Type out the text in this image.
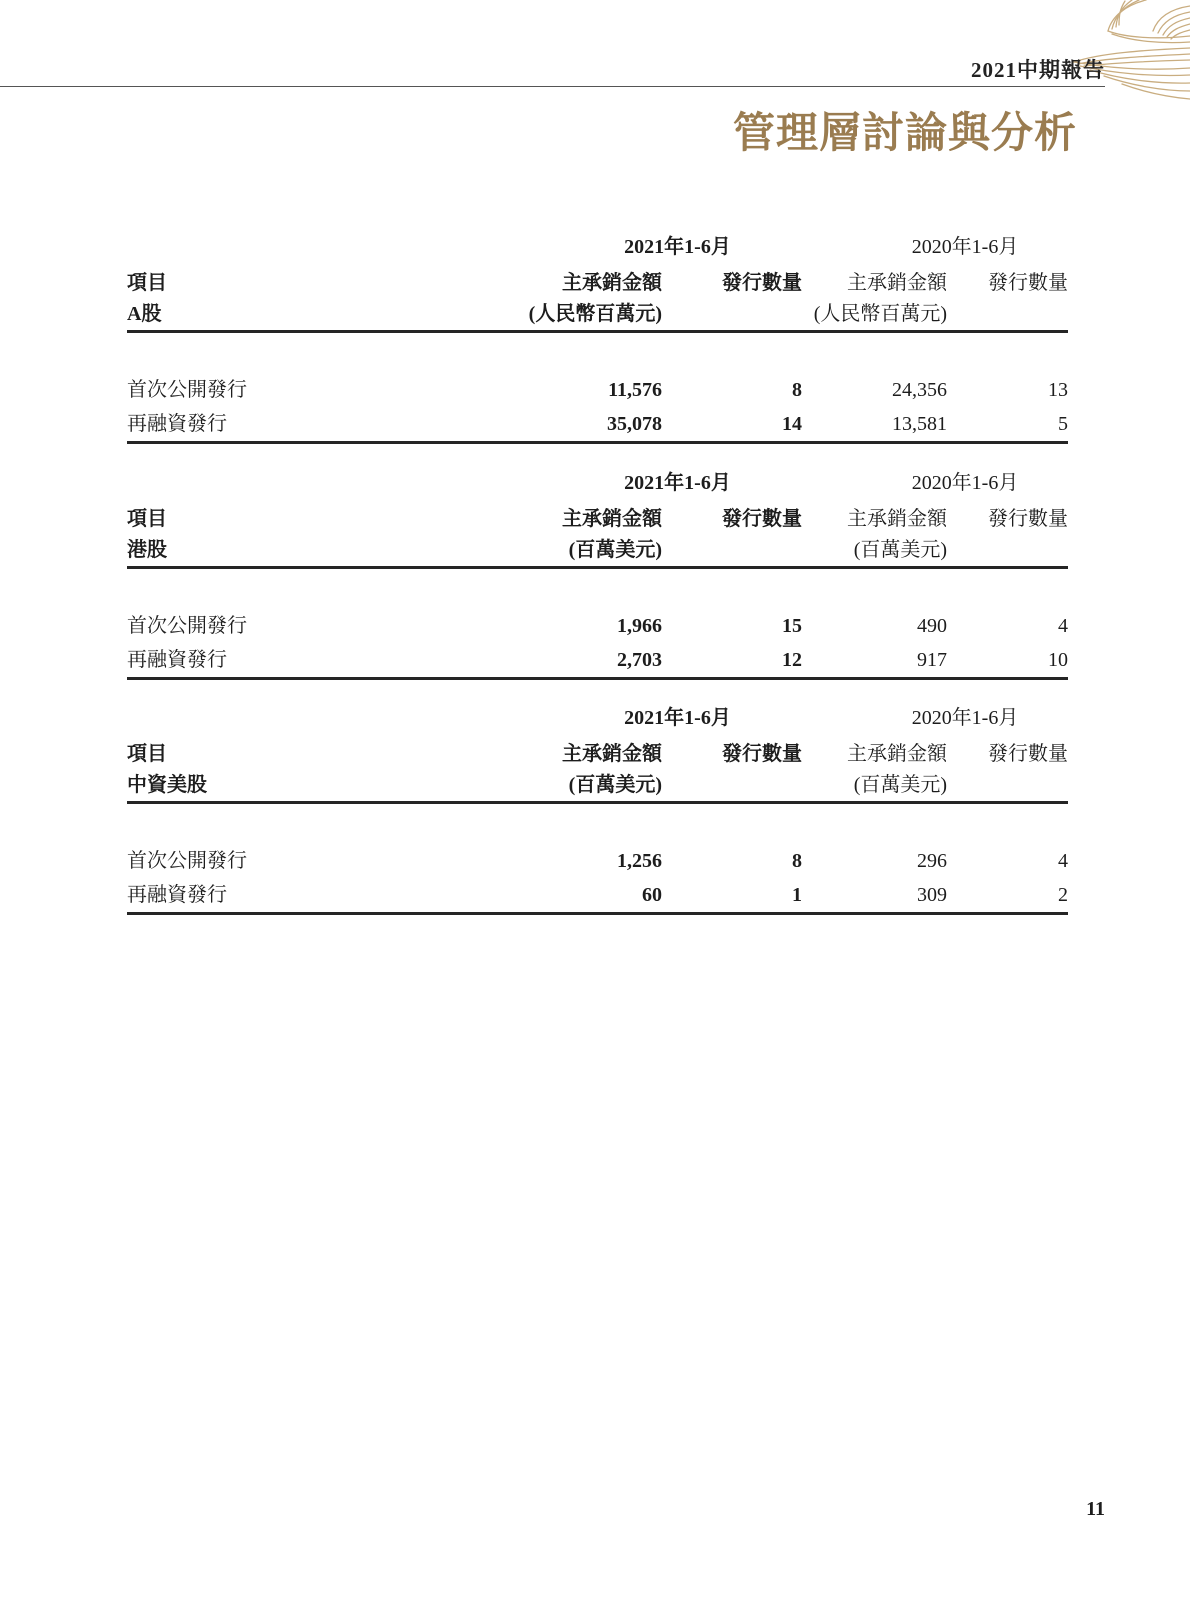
2021中期報告
管理層討論與分析
	2021年1-6月		2020年1-6月	
項目	主承銷金額	發行數量	主承銷金額	發行數量
A股	(人民幣百萬元)		(人民幣百萬元)	

首次公開發行	11,576	8	24,356	13
再融資發行	35,078	14	13,581	5
	2021年1-6月		2020年1-6月	
項目	主承銷金額	發行數量	主承銷金額	發行數量
港股	(百萬美元)		(百萬美元)	

首次公開發行	1,966	15	490	4
再融資發行	2,703	12	917	10
	2021年1-6月		2020年1-6月	
項目	主承銷金額	發行數量	主承銷金額	發行數量
中資美股	(百萬美元)		(百萬美元)	

首次公開發行	1,256	8	296	4
再融資發行	60	1	309	2
11
